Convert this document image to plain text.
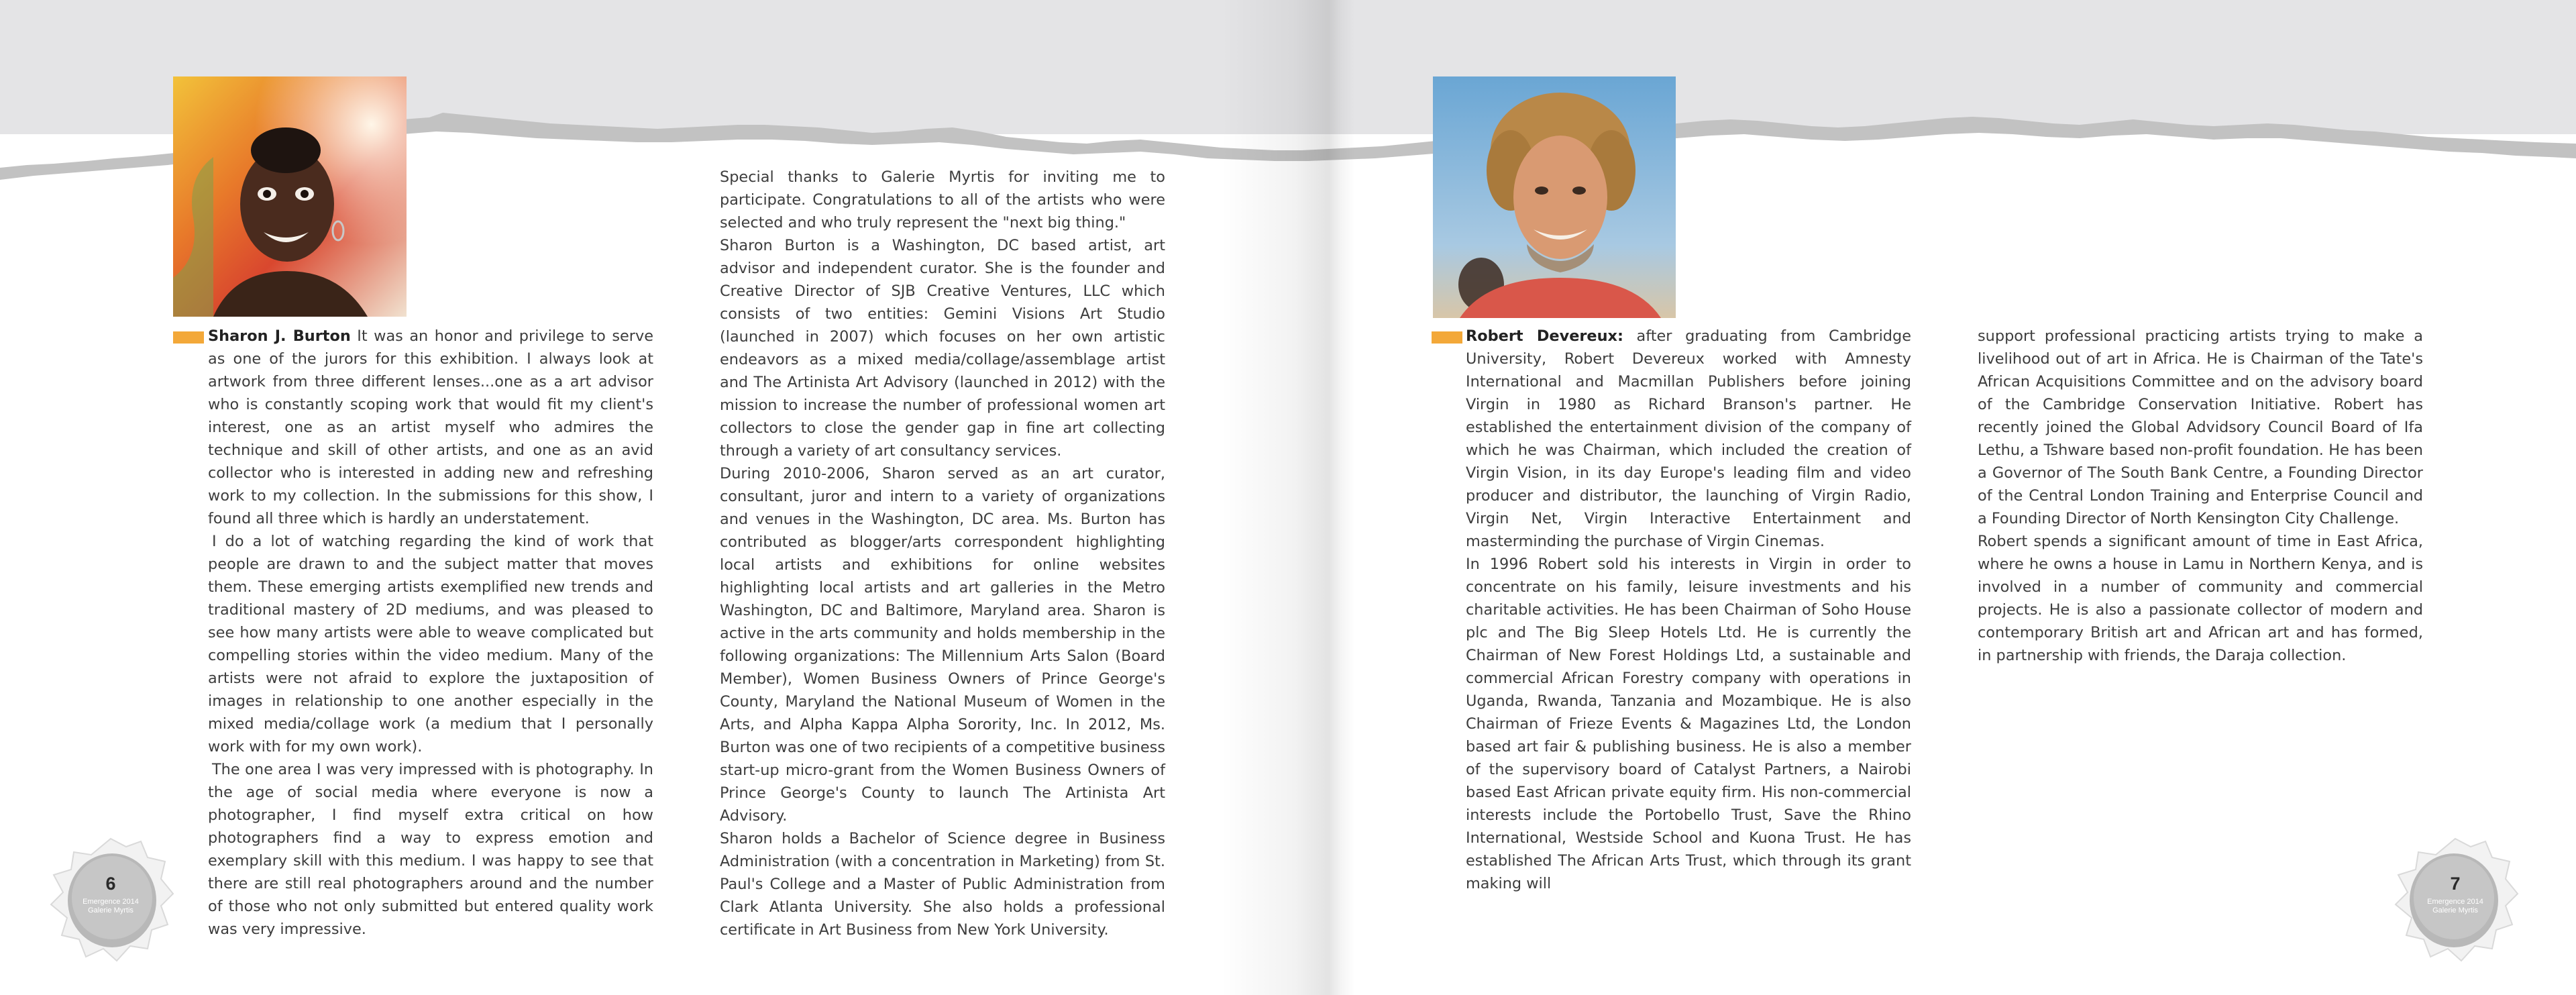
Sharon J. Burton It was an honor and privilege to serve as one of the jurors for this exhibition. I always look at artwork from three different lenses...one as a art advisor who is constantly scoping work that would fit my client's interest, one as an artist myself who admires the technique and skill of other artists, and one as an avid collector who is interested in adding new and refreshing work to my collection. In the submissions for this show, I found all three which is hardly an understatement.

I do a lot of watching regarding the kind of work that people are drawn to and the subject matter that moves them. These emerging artists exemplified new trends and traditional mastery of 2D mediums, and was pleased to see how many artists were able to weave complicated but compelling stories within the video medium. Many of the artists were not afraid to explore the juxtaposition of images in relationship to one another especially in the mixed media/collage work (a medium that I personally work with for my own work).

The one area I was very impressed with is photography. In the age of social media where everyone is now a photographer, I find myself extra critical on how photographers find a way to express emotion and exemplary skill with this medium. I was happy to see that there are still real photographers around and the number of those who not only submitted but entered quality work was very impressive.

Special thanks to Galerie Myrtis for inviting me to participate. Congratulations to all of the artists who were selected and who truly represent the "next big thing."

Sharon Burton is a Washington, DC based artist, art advisor and independent curator. She is the founder and Creative Director of SJB Creative Ventures, LLC which consists of two entities: Gemini Visions Art Studio (launched in 2007) which focuses on her own artistic endeavors as a mixed media/collage/assemblage artist and The Artinista Art Advisory (launched in 2012) with the mission to increase the number of professional women art collectors to close the gender gap in fine art collecting through a variety of art consultancy services.

During 2010-2006, Sharon served as an art curator, consultant, juror and intern to a variety of organizations and venues in the Washington, DC area. Ms. Burton has contributed as blogger/arts correspondent highlighting local artists and exhibitions for online websites highlighting local artists and art galleries in the Metro Washington, DC and Baltimore, Maryland area. Sharon is active in the arts community and holds membership in the following organizations: The Millennium Arts Salon (Board Member), Women Business Owners of Prince George's County, Maryland the National Museum of Women in the Arts, and Alpha Kappa Alpha Sorority, Inc. In 2012, Ms. Burton was one of two recipients of a competitive business start-up micro-grant from the Women Business Owners of Prince George's County to launch The Artinista Art Advisory.

Sharon holds a Bachelor of Science degree in Business Administration (with a concentration in Marketing) from St. Paul's College and a Master of Public Administration from Clark Atlanta University. She also holds a professional certificate in Art Business from New York University.

Robert Devereux: after graduating from Cambridge University, Robert Devereux worked with Amnesty International and Macmillan Publishers before joining Virgin in 1980 as Richard Branson's partner. He established the entertainment division of the company of which he was Chairman, which included the creation of Virgin Vision, in its day Europe's leading film and video producer and distributor, the launching of Virgin Radio, Virgin Net, Virgin Interactive Entertainment and masterminding the purchase of Virgin Cinemas.

In 1996 Robert sold his interests in Virgin in order to concentrate on his family, leisure investments and his charitable activities. He has been Chairman of Soho House plc and The Big Sleep Hotels Ltd. He is currently the Chairman of New Forest Holdings Ltd, a sustainable and commercial African Forestry company with operations in Uganda, Rwanda, Tanzania and Mozambique. He is also Chairman of Frieze Events & Magazines Ltd, the London based art fair & publishing business. He is also a member of the supervisory board of Catalyst Partners, a Nairobi based East African private equity firm. His non-commercial interests include the Portobello Trust, Save the Rhino International, Westside School and Kuona Trust. He has established The African Arts Trust, which through its grant making will

support professional practicing artists trying to make a livelihood out of art in Africa. He is Chairman of the Tate's African Acquisitions Committee and on the advisory board of the Cambridge Conservation Initiative. Robert has recently joined the Global Advidsory Council Board of Ifa Lethu, a Tshware based non-profit foundation. He has been a Governor of The South Bank Centre, a Founding Director of the Central London Training and Enterprise Council and a Founding Director of North Kensington City Challenge.

Robert spends a significant amount of time in East Africa, where he owns a house in Lamu in Northern Kenya, and is involved in a number of community and commercial projects. He is also a passionate collector of modern and contemporary British art and African art and has formed, in partnership with friends, the Daraja collection.

6
Emergence 2014
Galerie Myrtis
7
Emergence 2014
Galerie Myrtis
